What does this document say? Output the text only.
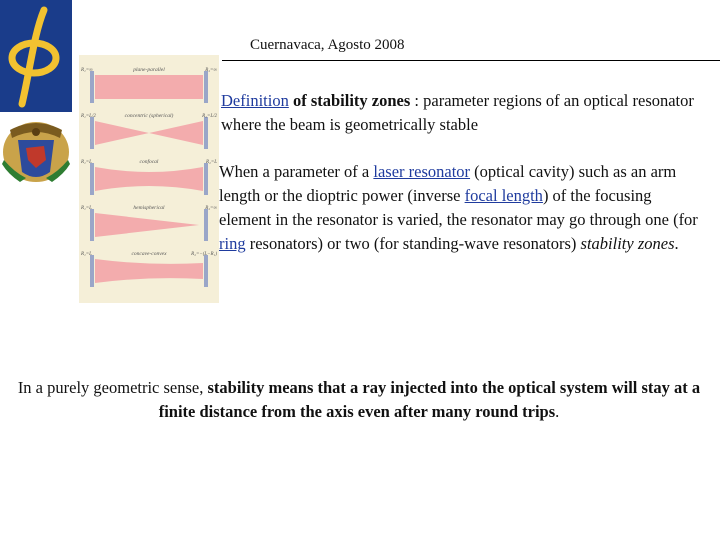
Cuernavaca, Agosto 2008
R₁=∞	plane-parallel	R₂=∞
R₁=L/2	concentric (spherical)	R₂=L/2
R₁=L	confocal	R₂=L
R₁=L	hemispherical	R₂=∞
R₁=L	concave-convex	R₂=−(L−R₁)
Definition of stability zones : parameter regions of an optical resonator where the beam is geometrically stable
When a parameter of a laser resonator (optical cavity) such as an arm length or the dioptric power (inverse focal length) of the focusing element in the resonator is varied, the resonator may go through one (for ring resonators) or two (for standing-wave resonators) stability zones.
In a purely geometric sense, stability means that a ray injected into the optical system will stay at a finite distance from the axis even after many round trips.
